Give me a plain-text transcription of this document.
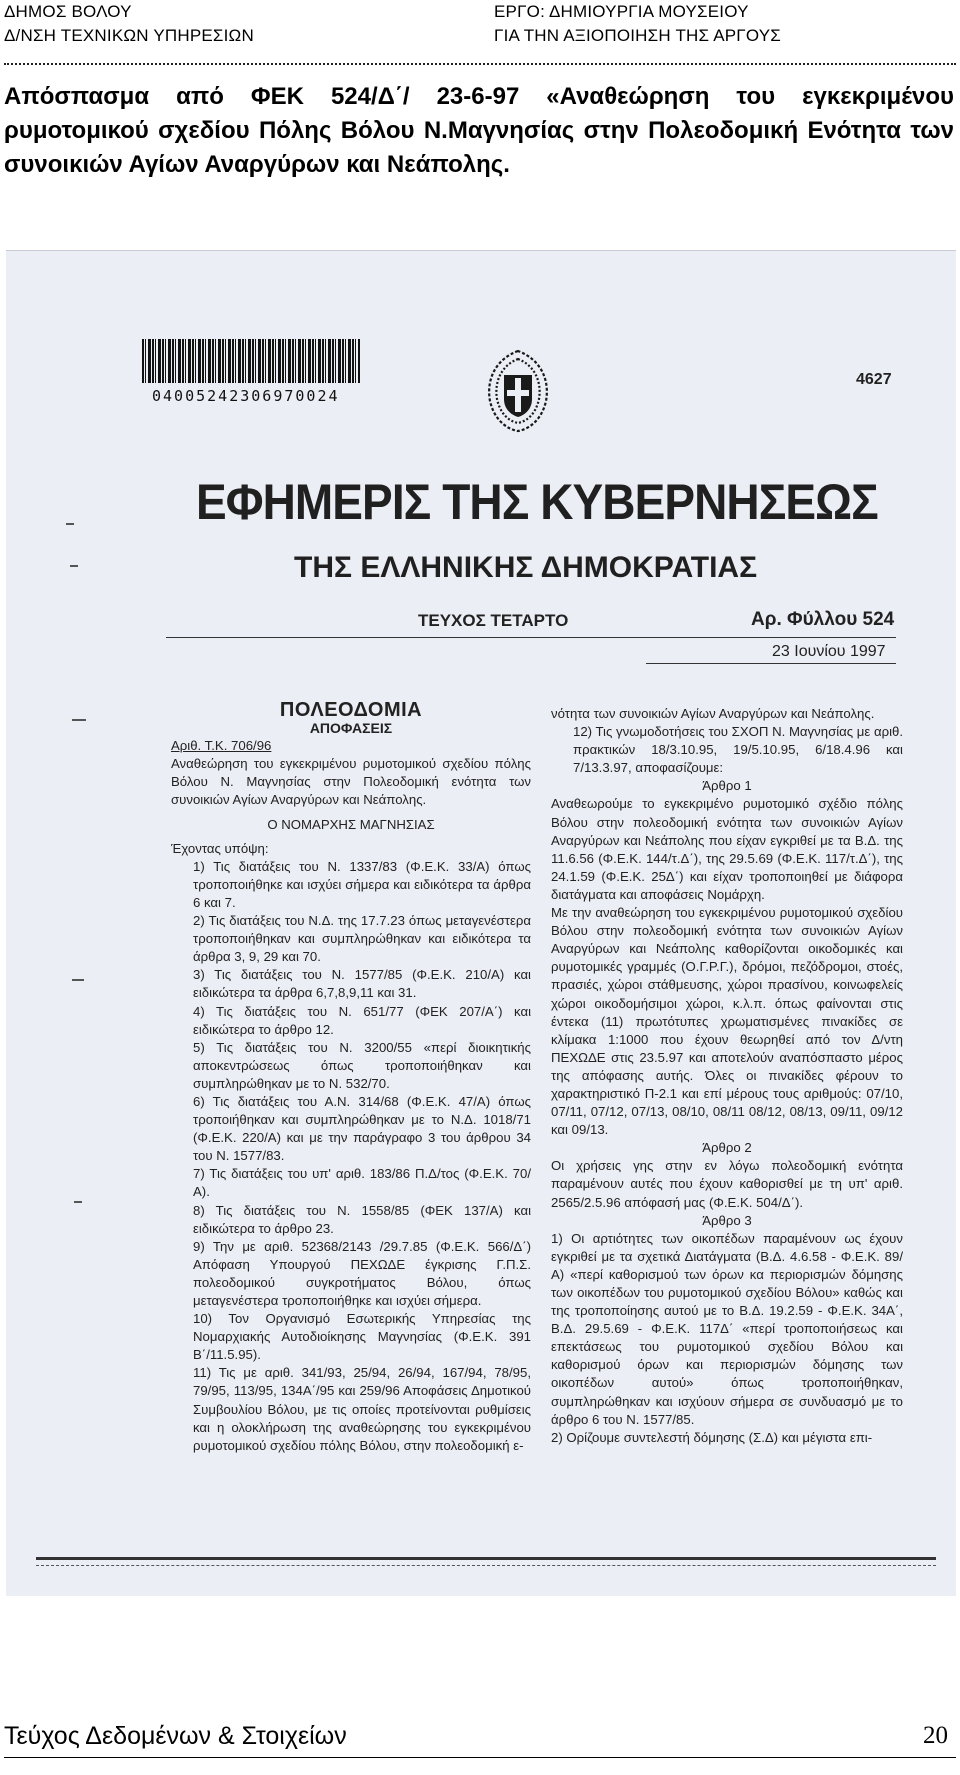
ΔΗΜΟΣ ΒΟΛΟΥ
Δ/ΝΣΗ ΤΕΧΝΙΚΩΝ ΥΠΗΡΕΣΙΩΝ
ΕΡΓΟ: ΔΗΜΙΟΥΡΓΙΑ ΜΟΥΣΕΙΟΥ
ΓΙΑ ΤΗΝ ΑΞΙΟΠΟΙΗΣΗ ΤΗΣ ΑΡΓΟΥΣ
Απόσπασμα από ΦΕΚ 524/Δ΄/ 23-6-97 «Αναθεώρηση του εγκεκριμένου ρυμοτομικού σχεδίου Πόλης Βόλου Ν.Μαγνησίας στην Πολεοδομική Ενότητα των συνοικιών Αγίων Αναργύρων και Νεάπολης.
04005242306970024
4627
ΕΦΗΜΕΡΙΣ ΤΗΣ ΚΥΒΕΡΝΗΣΕΩΣ
ΤΗΣ ΕΛΛΗΝΙΚΗΣ ΔΗΜΟΚΡΑΤΙΑΣ
ΤΕΥΧΟΣ ΤΕΤΑΡΤΟ	Αρ. Φύλλου 524
23 Ιουνίου 1997

ΠΟΛΕΟΔΟΜΙΑ

ΑΠΟΦΑΣΕΙΣ

Αριθ. Τ.Κ. 706/96

Αναθεώρηση του εγκεκριμένου ρυμοτομικού σχεδίου πόλης Βόλου Ν. Μαγνησίας στην Πολεοδομική ενότητα των συνοικιών Αγίων Αναργύρων και Νεάπολης.

Ο ΝΟΜΑΡΧΗΣ ΜΑΓΝΗΣΙΑΣ

Έχοντας υπόψη:

1) Τις διατάξεις του Ν. 1337/83 (Φ.Ε.Κ. 33/Α) όπως τροποποιήθηκε και ισχύει σήμερα και ειδικότερα τα άρθρα 6 και 7.

2) Τις διατάξεις του Ν.Δ. της 17.7.23 όπως μεταγενέστερα τροποποιήθηκαν και συμπληρώθηκαν και ειδικότερα τα άρθρα 3, 9, 29 και 70.

3) Τις διατάξεις του Ν. 1577/85 (Φ.Ε.Κ. 210/Α) και ειδικώτερα τα άρθρα 6,7,8,9,11 και 31.

4) Τις διατάξεις του Ν. 651/77 (ΦΕΚ 207/Α΄) και ειδικώτερα το άρθρο 12.

5) Τις διατάξεις του Ν. 3200/55 «περί διοικητικής αποκεντρώσεως όπως τροποποιήθηκαν και συμπληρώθηκαν με το Ν. 532/70.

6) Τις διατάξεις του Α.Ν. 314/68 (Φ.Ε.Κ. 47/Α) όπως τροποιήθηκαν και συμπληρώθηκαν με το Ν.Δ. 1018/71 (Φ.Ε.Κ. 220/Α) και με την παράγραφο 3 του άρθρου 34 του Ν. 1577/83.

7) Τις διατάξεις του υπ' αριθ. 183/86 Π.Δ/τος (Φ.Ε.Κ. 70/Α).

8) Τις διατάξεις του Ν. 1558/85 (ΦΕΚ 137/Α) και ειδικώτερα το άρθρο 23.

9) Την με αριθ. 52368/2143 /29.7.85 (Φ.Ε.Κ. 566/Δ΄) Απόφαση Υπουργού ΠΕΧΩΔΕ έγκρισης Γ.Π.Σ. πολεοδομικού συγκροτήματος Βόλου, όπως μεταγενέστερα τροποποιήθηκε και ισχύει σήμερα.

10) Τον Οργανισμό Εσωτερικής Υπηρεσίας της Νομαρχιακής Αυτοδιοίκησης Μαγνησίας (Φ.Ε.Κ. 391 Β΄/11.5.95).

11) Τις με αριθ. 341/93, 25/94, 26/94, 167/94, 78/95, 79/95, 113/95, 134Α΄/95 και 259/96 Αποφάσεις Δημοτικού Συμβουλίου Βόλου, με τις οποίες προτείνονται ρυθμίσεις και η ολοκλήρωση της αναθεώρησης του εγκεκριμένου ρυμοτομικού σχεδίου πόλης Βόλου, στην πολεοδομική ε-

νότητα των συνοικιών Αγίων Αναργύρων και Νεάπολης.

12) Τις γνωμοδοτήσεις του ΣΧΟΠ Ν. Μαγνησίας με αριθ. πρακτικών 18/3.10.95, 19/5.10.95, 6/18.4.96 και 7/13.3.97, αποφασίζουμε:

Άρθρο 1

Αναθεωρούμε το εγκεκριμένο ρυμοτομικό σχέδιο πόλης Βόλου στην πολεοδομική ενότητα των συνοικιών Αγίων Αναργύρων και Νεάπολης που είχαν εγκριθεί με τα Β.Δ. της 11.6.56 (Φ.Ε.Κ. 144/τ.Δ΄), της 29.5.69 (Φ.Ε.Κ. 117/τ.Δ΄), της 24.1.59 (Φ.Ε.Κ. 25Δ΄) και είχαν τροποποιηθεί με διάφορα διατάγματα και αποφάσεις Νομάρχη.

Με την αναθεώρηση του εγκεκριμένου ρυμοτομικού σχεδίου Βόλου στην πολεοδομική ενότητα των συνοικιών Αγίων Αναργύρων και Νεάπολης καθορίζονται οικοδομικές και ρυμοτομικές γραμμές (Ο.Γ.Ρ.Γ.), δρόμοι, πεζόδρομοι, στοές, πρασιές, χώροι στάθμευσης, χώροι πρασίνου, κοινωφελείς χώροι οικοδομήσιμοι χώροι, κ.λ.π. όπως φαίνονται στις έντεκα (11) πρωτότυπες χρωματισμένες πινακίδες σε κλίμακα 1:1000 που έχουν θεωρηθεί από τον Δ/ντη ΠΕΧΩΔΕ στις 23.5.97 και αποτελούν αναπόσπαστο μέρος της απόφασης αυτής. Όλες οι πινακίδες φέρουν το χαρακτηριστικό Π-2.1 και επί μέρους τους αριθμούς: 07/10, 07/11, 07/12, 07/13, 08/10, 08/11 08/12, 08/13, 09/11, 09/12 και 09/13.

Άρθρο 2

Οι χρήσεις γης στην εν λόγω πολεοδομική ενότητα παραμένουν αυτές που έχουν καθορισθεί με τη υπ' αριθ. 2565/2.5.96 απόφασή μας (Φ.Ε.Κ. 504/Δ΄).

Άρθρο 3

1) Οι αρτιότητες των οικοπέδων παραμένουν ως έχουν εγκριθεί με τα σχετικά Διατάγματα (Β.Δ. 4.6.58 - Φ.Ε.Κ. 89/Α) «περί καθορισμού των όρων κα περιορισμών δόμησης των οικοπέδων του ρυμοτομικού σχεδίου Βόλου» καθώς και της τροποποίησης αυτού με το Β.Δ. 19.2.59 - Φ.Ε.Κ. 34Α΄, Β.Δ. 29.5.69 - Φ.Ε.Κ. 117Δ΄ «περί τροποποιήσεως και επεκτάσεως του ρυμοτομικού σχεδίου Βόλου και καθορισμού όρων και περιορισμών δόμησης των οικοπέδων αυτού» όπως τροποποιήθηκαν, συμπληρώθηκαν και ισχύουν σήμερα σε συνδυασμό με το άρθρο 6 του Ν. 1577/85.

2) Ορίζουμε συντελεστή δόμησης (Σ.Δ) και μέγιστα επι-

Τεύχος Δεδομένων & Στοιχείων	20
